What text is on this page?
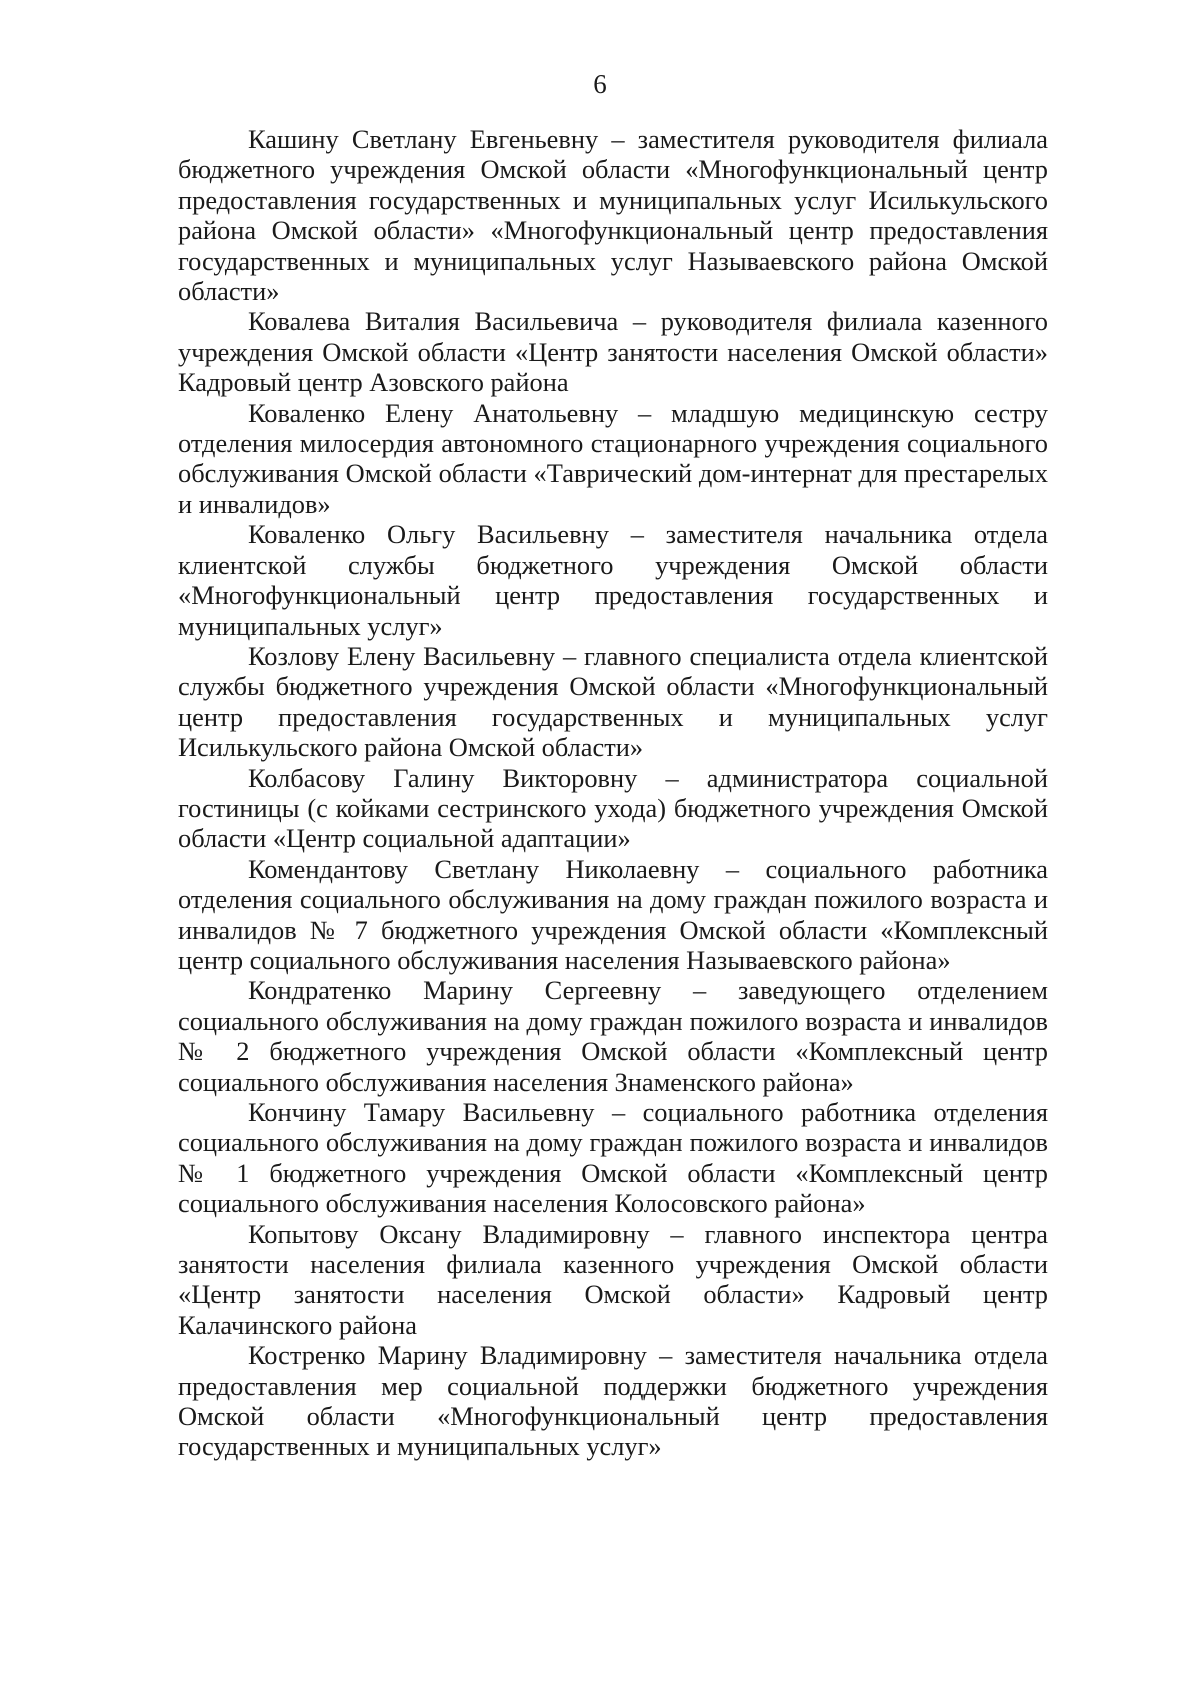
6

Кашину Светлану Евгеньевну – заместителя руководителя филиала бюджетного учреждения Омской области «Многофункциональный центр предоставления государственных и муниципальных услуг Исилькульского района Омской области» «Многофункциональный центр предоставления государственных и муниципальных услуг Называевского района Омской области»

Ковалева Виталия Васильевича – руководителя филиала казенного учреждения Омской области «Центр занятости населения Омской области» Кадровый центр Азовского района

Коваленко Елену Анатольевну – младшую медицинскую сестру отделения милосердия автономного стационарного учреждения социального обслуживания Омской области «Таврический дом-интернат для престарелых и инвалидов»

Коваленко Ольгу Васильевну – заместителя начальника отдела клиентской службы бюджетного учреждения Омской области «Многофункциональный центр предоставления государственных и муниципальных услуг»

Козлову Елену Васильевну – главного специалиста отдела клиентской службы бюджетного учреждения Омской области «Многофункциональный центр предоставления государственных и муниципальных услуг Исилькульского района Омской области»

Колбасову Галину Викторовну – администратора социальной гостиницы (с койками сестринского ухода) бюджетного учреждения Омской области «Центр социальной адаптации»

Комендантову Светлану Николаевну – социального работника отделения социального обслуживания на дому граждан пожилого возраста и инвалидов № 7 бюджетного учреждения Омской области «Комплексный центр социального обслуживания населения Называевского района»

Кондратенко Марину Сергеевну – заведующего отделением социального обслуживания на дому граждан пожилого возраста и инвалидов № 2 бюджетного учреждения Омской области «Комплексный центр социального обслуживания населения Знаменского района»

Кончину Тамару Васильевну – социального работника отделения социального обслуживания на дому граждан пожилого возраста и инвалидов № 1 бюджетного учреждения Омской области «Комплексный центр социального обслуживания населения Колосовского района»

Копытову Оксану Владимировну – главного инспектора центра занятости населения филиала казенного учреждения Омской области «Центр занятости населения Омской области» Кадровый центр Калачинского района

Костренко Марину Владимировну – заместителя начальника отдела предоставления мер социальной поддержки бюджетного учреждения Омской области «Многофункциональный центр предоставления государственных и муниципальных услуг»
